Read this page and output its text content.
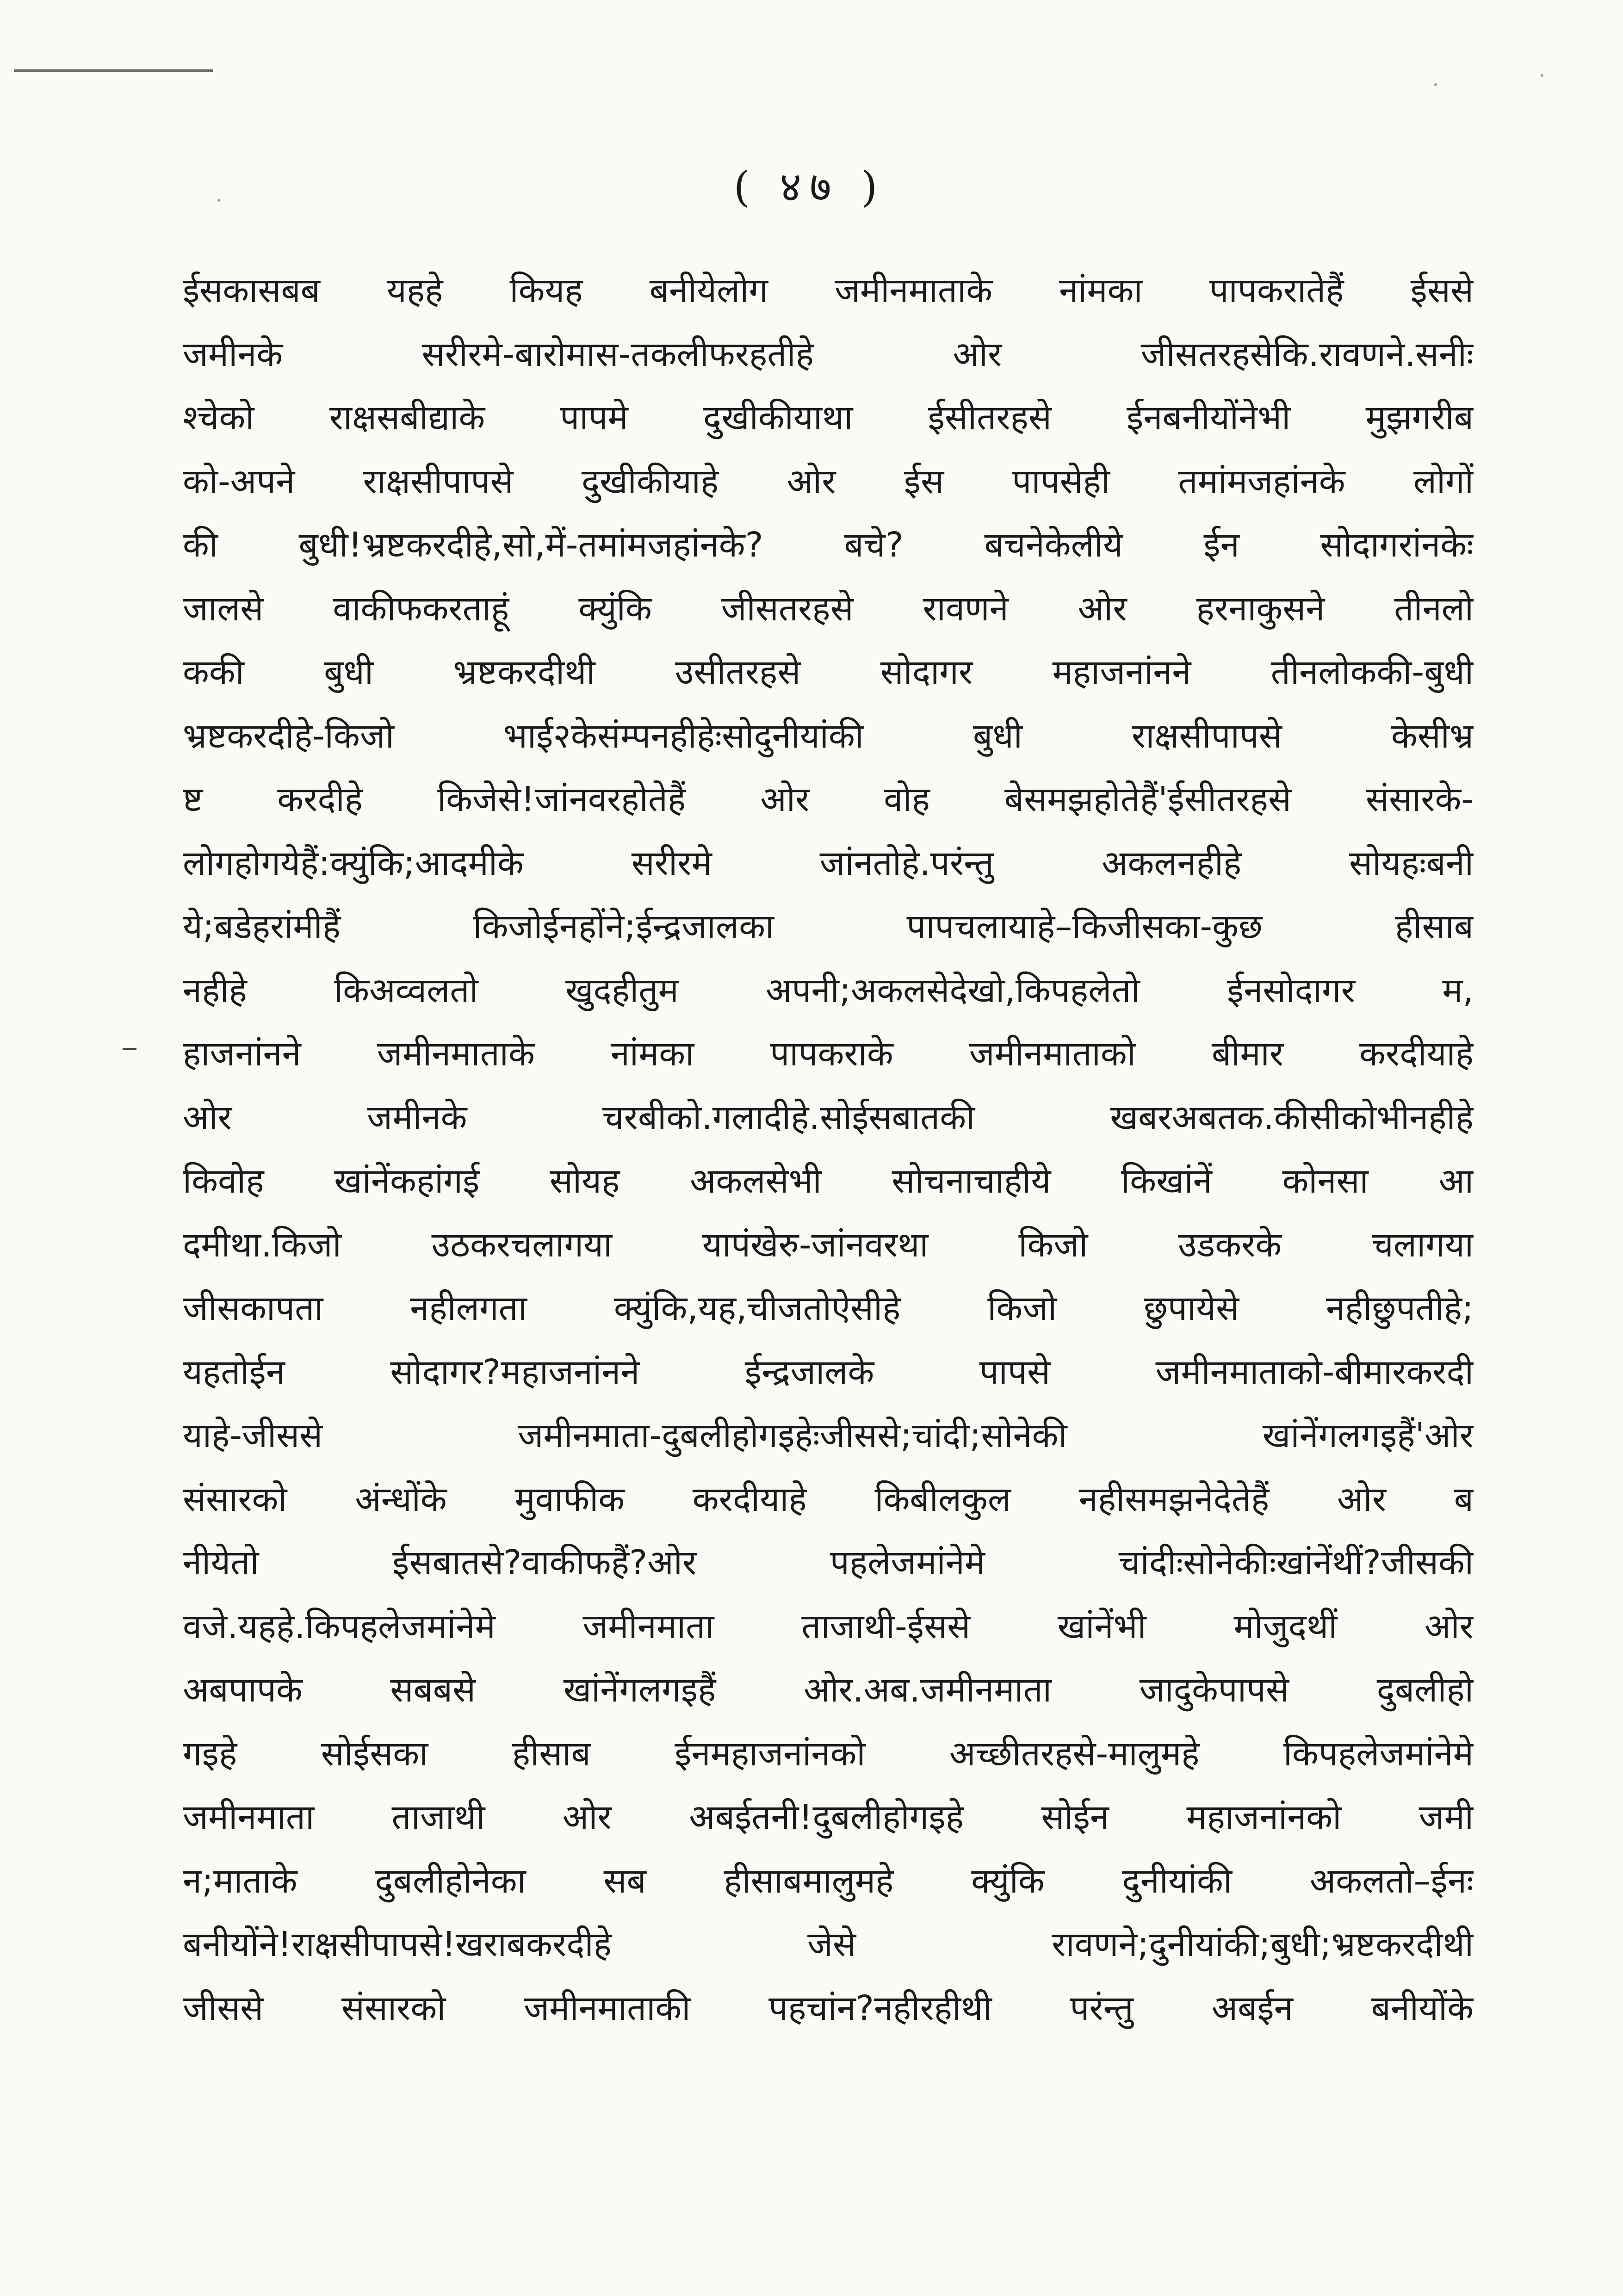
( ४७ )
ईसकासबब यहहे कियह बनीयेलोग जमीनमाताके नांमका पापकरातेहैं ईससे
जमीनके सरीरमे-बारोमास-तकलीफरहतीहे ओर जीसतरहसेकि.रावणने.सनीः
श्चेको राक्षसबीद्याके पापमे दुखीकीयाथा ईसीतरहसे ईनबनीयोंनेभी मुझगरीब
को-अपने राक्षसीपापसे दुखीकीयाहे ओर ईस पापसेही तमांमजहांनके लोगों
की बुधी!भ्रष्टकरदीहे,सो,में-तमांमजहांनके? बचे? बचनेकेलीये ईन सोदागरांनकेः
जालसे वाकीफकरताहूं क्युंकि जीसतरहसे रावणने ओर हरनाकुसने तीनलो
ककी बुधी भ्रष्टकरदीथी उसीतरहसे सोदागर महाजनांनने तीनलोककी-बुधी
भ्रष्टकरदीहे-किजो भाई२केसंम्पनहीहेःसोदुनीयांकी बुधी राक्षसीपापसे केसीभ्र
ष्ट करदीहे किजेसे!जांनवरहोतेहैं ओर वोह बेसमझहोतेहैं'ईसीतरहसे संसारके-
लोगहोगयेहैं:क्युंकि;आदमीके सरीरमे जांनतोहे.परंन्तु अकलनहीहे सोयहःबनी
ये;बडेहरांमीहैं किजोईनहोंने;ईन्द्रजालका पापचलायाहे–किजीसका-कुछ हीसाब
नहीहे किअव्वलतो खुदहीतुम अपनी;अकलसेदेखो,किपहलेतो ईनसोदागर म,
हाजनांनने जमीनमाताके नांमका पापकराके जमीनमाताको बीमार करदीयाहे
ओर जमीनके चरबीको.गलादीहे.सोईसबातकी खबरअबतक.कीसीकोभीनहीहे
किवोह खांनेंकहांगई सोयह अकलसेभी सोचनाचाहीये किखांनें कोनसा आ
दमीथा.किजो उठकरचलागया यापंखेरु-जांनवरथा किजो उडकरके चलागया
जीसकापता नहीलगता क्युंकि,यह,चीजतोऐसीहे किजो छुपायेसे नहीछुपतीहे;
यहतोईन सोदागर?महाजनांनने ईन्द्रजालके पापसे जमीनमाताको-बीमारकरदी
याहे-जीससे जमीनमाता-दुबलीहोगइहेःजीससे;चांदी;सोनेकी खांनेंगलगइहैं'ओर
संसारको अंन्धोंके मुवाफीक करदीयाहे किबीलकुल नहीसमझनेदेतेहैं ओर ब
नीयेतो ईसबातसे?वाकीफहैं?ओर पहलेजमांनेमे चांदीःसोनेकीःखांनेंथीं?जीसकी
वजे.यहहे.किपहलेजमांनेमे जमीनमाता ताजाथी-ईससे खांनेंभी मोजुदथीं ओर
अबपापके सबबसे खांनेंगलगइहैं ओर.अब.जमीनमाता जादुकेपापसे दुबलीहो
गइहे सोईसका हीसाब ईनमहाजनांनको अच्छीतरहसे-मालुमहे किपहलेजमांनेमे
जमीनमाता ताजाथी ओर अबईतनी!दुबलीहोगइहे सोईन महाजनांनको जमी
न;माताके दुबलीहोनेका सब हीसाबमालुमहे क्युंकि दुनीयांकी अकलतो–ईनः
बनीयोंने!राक्षसीपापसे!खराबकरदीहे जेसे रावणने;दुनीयांकी;बुधी;भ्रष्टकरदीथी
जीससे संसारको जमीनमाताकी पहचांन?नहीरहीथी परंन्तु अबईन बनीयोंके
